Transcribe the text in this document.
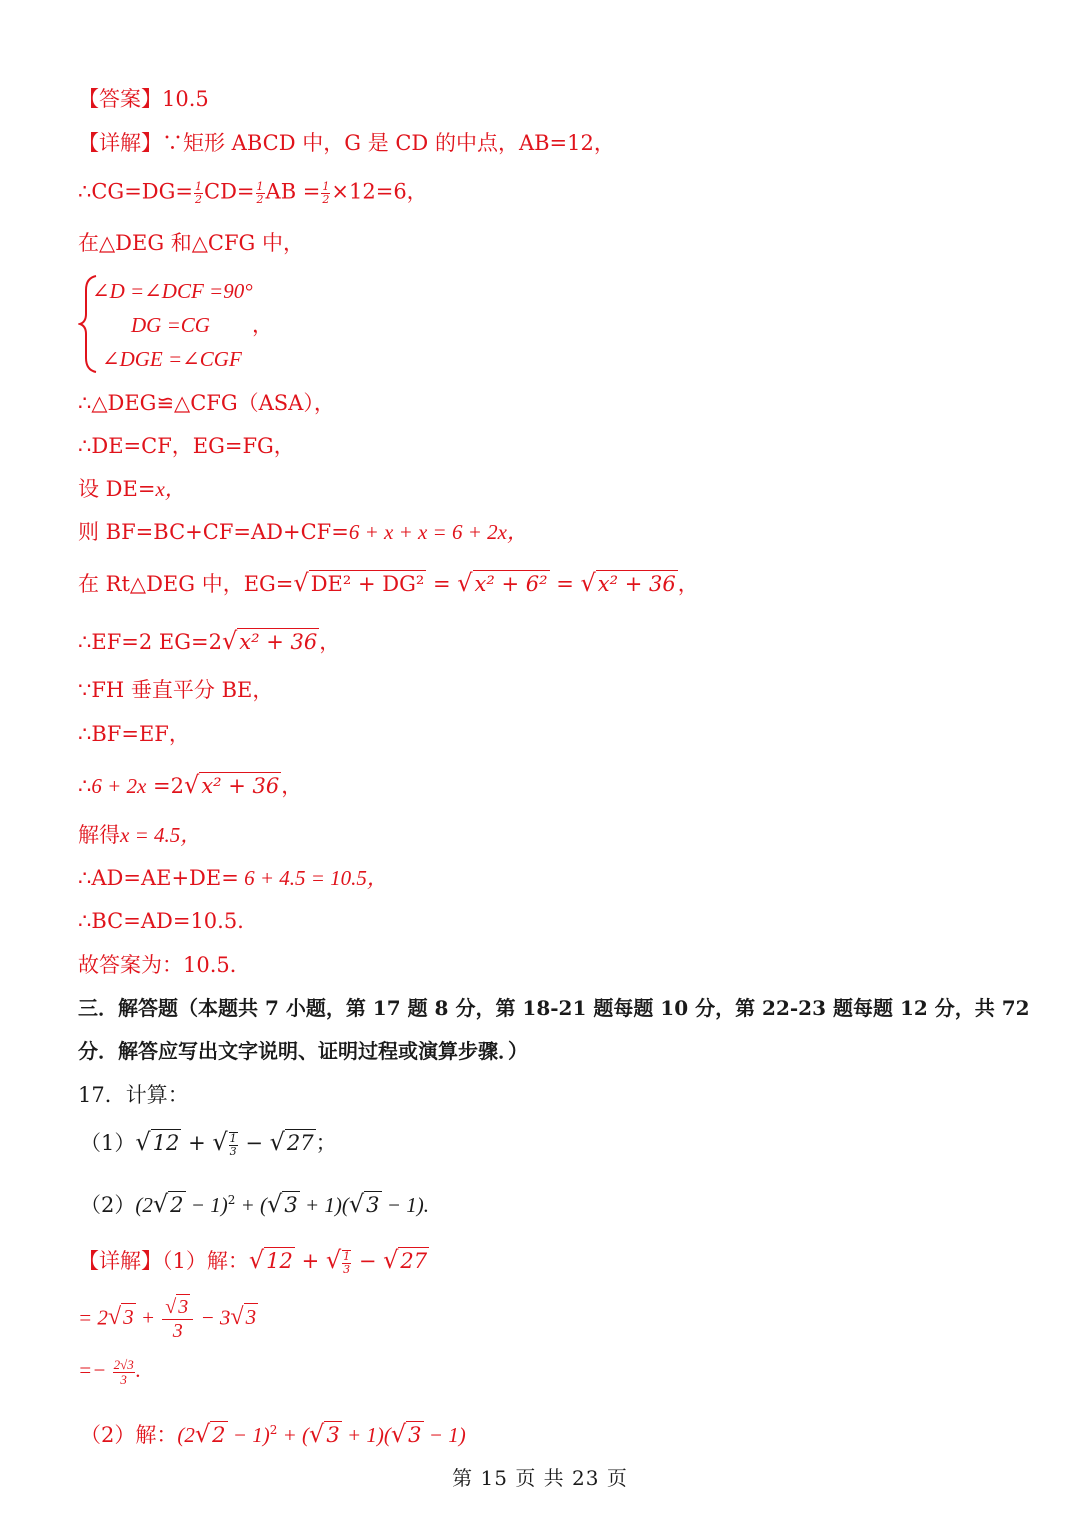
【答案】10.5
【详解】∵矩形 ABCD 中，G 是 CD 的中点，AB=12，
∴CG=DG= $\frac{1}{2} CD= \frac{1}{2}$ AB = $\frac{1}{2} \times 12=6$，
在△DEG 和△CFG 中，
∠D =∠DCF =90°
DG =CG ，
∠DGE =∠CGF
∴△DEG≌△CFG（ASA），
∴DE=CF，EG=FG，
设 DE=x，
则 BF=BC+CF=AD+CF=6 + x + x = 6 + 2x，
在 Rt△DEG 中，EG=√DE² + DG² = √x² + 6² = √x² + 36，
∴EF=2 EG=2√x² + 36，
∵FH 垂直平分 BE，
∴BF=EF，
∴6 + 2x =2√x² + 36，
解得x = 4.5，
∴AD=AE+DE= 6 + 4.5 = 10.5，
∴BC=AD=10.5．
故答案为：10.5．
三．解答题（本题共 7 小题，第 17 题 8 分，第 18-21 题每题 10 分，第 22-23 题每题 12 分，共 72
分．解答应写出文字说明、证明过程或演算步骤．）
17．计算：
（1）√12 + √ $\frac{1}{3} - √27$；
$(2)(2√2 - 1)^2 + (√3 + 1)(√3 - 1)$.
【详解】（1）解：√12 + √ $\frac{1}{3} - √27$
= $2√3 + \frac{√ 3}{3} - 3√3$
=− $\frac{2√3}{3}$ .
（2）解：$(2√2 - 1)^2 + (√3 + 1)(√3 - 1)$
第 15 页 共 23 页
